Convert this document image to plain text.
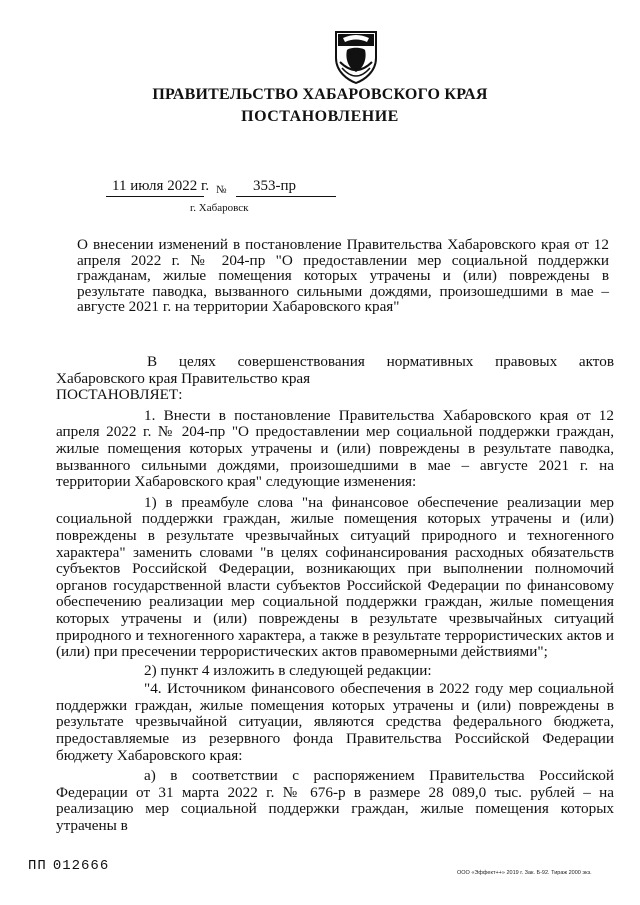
ПРАВИТЕЛЬСТВО ХАБАРОВСКОГО КРАЯ
ПОСТАНОВЛЕНИЕ
11 июля 2022 г. № 353-пр
г. Хабаровск
О внесении изменений в постановление Правительства Хабаровского края от 12 апреля 2022 г. № 204-пр "О предоставлении мер социальной поддержки гражданам, жилые помещения которых утрачены и (или) повреждены в результате паводка, вызванного сильными дождями, произошедшими в мае – августе 2021 г. на территории Хабаровского края"

В целях совершенствования нормативных правовых актов Хабаровского края Правительство края

ПОСТАНОВЛЯЕТ:

1. Внести в постановление Правительства Хабаровского края от 12 апреля 2022 г. № 204-пр "О предоставлении мер социальной поддержки граждан, жилые помещения которых утрачены и (или) повреждены в результате паводка, вызванного сильными дождями, произошедшими в мае – августе 2021 г. на территории Хабаровского края" следующие изменения:

1) в преамбуле слова "на финансовое обеспечение реализации мер социальной поддержки граждан, жилые помещения которых утрачены и (или) повреждены в результате чрезвычайных ситуаций природного и техногенного характера" заменить словами "в целях софинансирования расходных обязательств субъектов Российской Федерации, возникающих при выполнении полномочий органов государственной власти субъектов Российской Федерации по финансовому обеспечению реализации мер социальной поддержки граждан, жилые помещения которых утрачены и (или) повреждены в результате чрезвычайных ситуаций природного и техногенного характера, а также в результате террористических актов и (или) при пресечении террористических актов правомерными действиями";

2) пункт 4 изложить в следующей редакции:

"4. Источником финансового обеспечения в 2022 году мер социальной поддержки граждан, жилые помещения которых утрачены и (или) повреждены в результате чрезвычайной ситуации, являются средства федерального бюджета, предоставляемые из резервного фонда Правительства Российской Федерации бюджету Хабаровского края:

а) в соответствии с распоряжением Правительства Российской Федерации от 31 марта 2022 г. № 676-р в размере 28 089,0 тыс. рублей – на реализацию мер социальной поддержки граждан, жилые помещения которых утрачены в

ПП 012666	ООО «Эффект++» 2019 г. Зак. Б-92. Тираж 2000 экз.
